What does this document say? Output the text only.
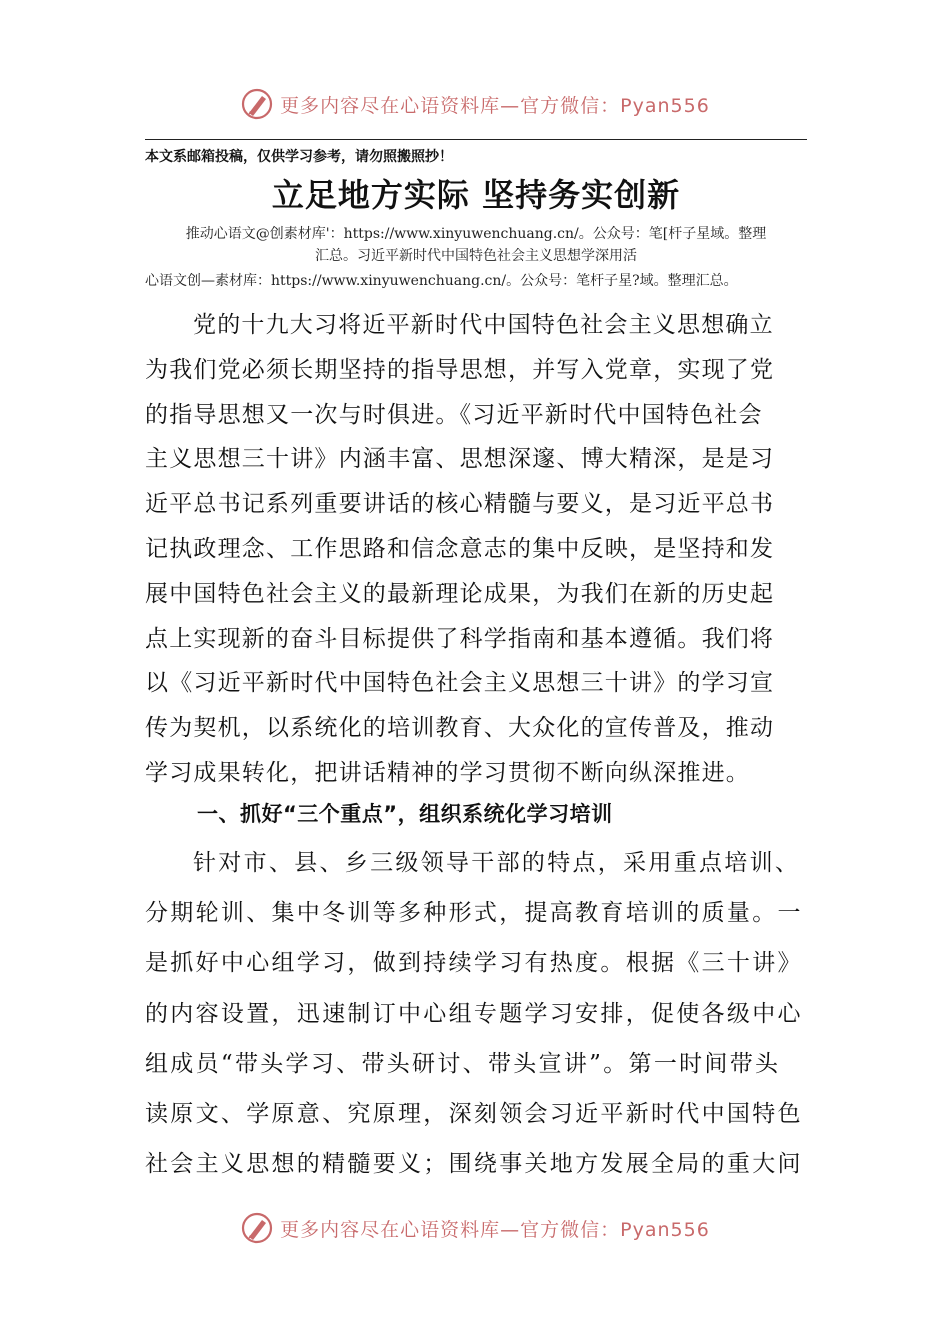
更多内容尽在心语资料库—官方微信：Pyan556
本文系邮箱投稿，仅供学习参考，请勿照搬照抄！
立足地方实际 坚持务实创新
推动心语文@创素材库'：https://www.xinyuwenchuang.cn/。公众号：笔[杆子星域。整理
汇总。习近平新时代中国特色社会主义思想学深用活
心语文创—素材库：https://www.xinyuwenchuang.cn/。公众号：笔杆子星?域。整理汇总。
党的十九大习将近平新时代中国特色社会主义思想确立
为我们党必须长期坚持的指导思想，并写入党章，实现了党
的指导思想又一次与时俱进。《习近平新时代中国特色社会
主义思想三十讲》内涵丰富、思想深邃、博大精深，是是习
近平总书记系列重要讲话的核心精髓与要义，是习近平总书
记执政理念、工作思路和信念意志的集中反映，是坚持和发
展中国特色社会主义的最新理论成果，为我们在新的历史起
点上实现新的奋斗目标提供了科学指南和基本遵循。我们将
以《习近平新时代中国特色社会主义思想三十讲》的学习宣
传为契机，以系统化的培训教育、大众化的宣传普及，推动
学习成果转化，把讲话精神的学习贯彻不断向纵深推进。
一、抓好“三个重点”，组织系统化学习培训
针对市、县、乡三级领导干部的特点，采用重点培训、
分期轮训、集中冬训等多种形式，提高教育培训的质量。一
是抓好中心组学习，做到持续学习有热度。根据《三十讲》
的内容设置，迅速制订中心组专题学习安排，促使各级中心
组成员“带头学习、带头研讨、带头宣讲”。第一时间带头
读原文、学原意、究原理，深刻领会习近平新时代中国特色
社会主义思想的精髓要义；围绕事关地方发展全局的重大问
更多内容尽在心语资料库—官方微信：Pyan556
